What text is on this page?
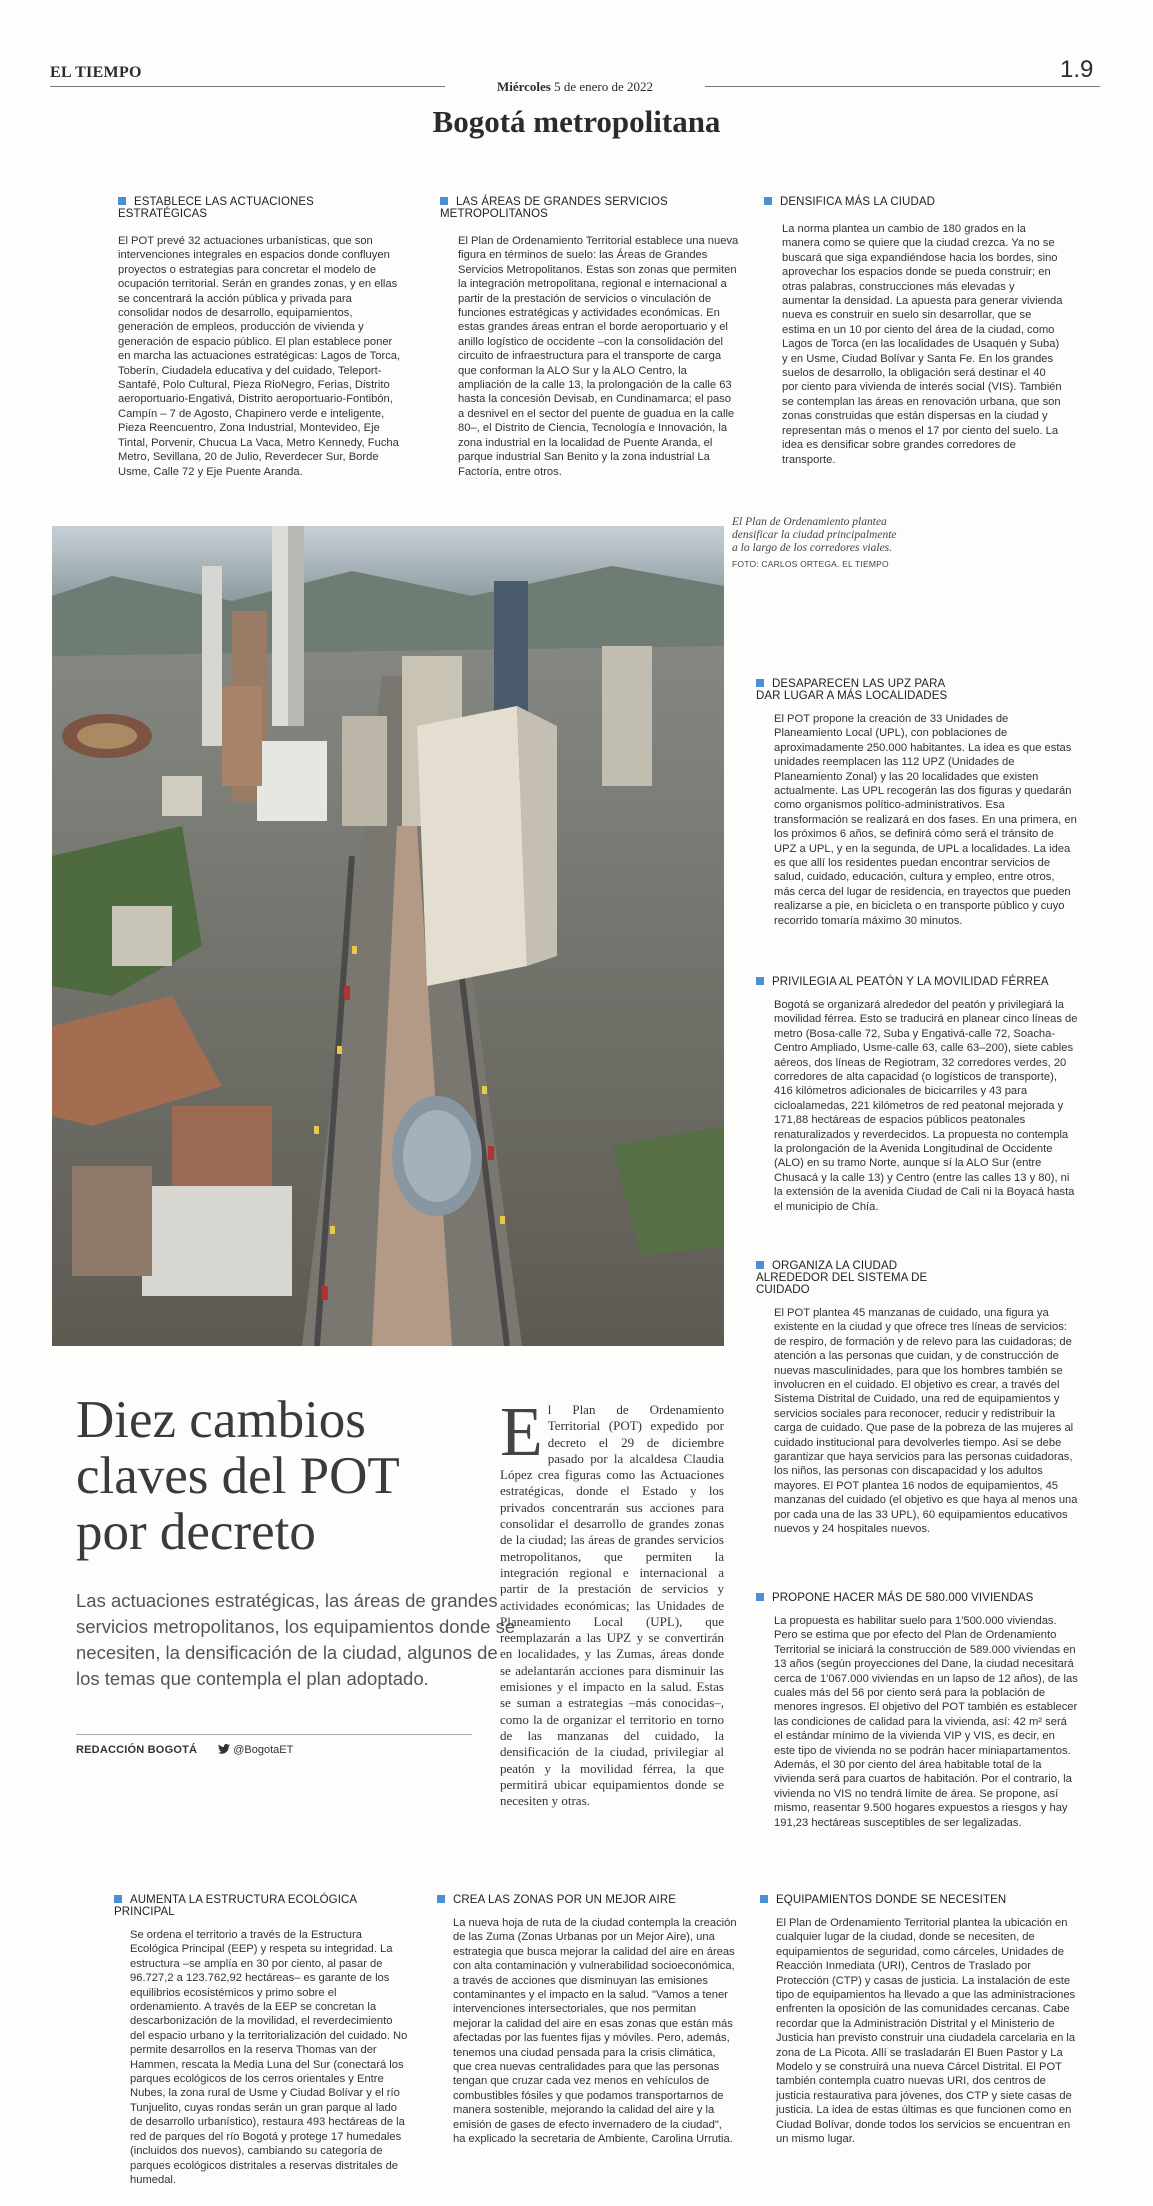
EL TIEMPO
Miércoles 5 de enero de 2022
1.9
Bogotá metropolitana
ESTABLECE LAS ACTUACIONES ESTRATÉGICAS

El POT prevé 32 actuaciones urbanísticas, que son intervenciones integrales en espacios donde confluyen proyectos o estrategias para concretar el modelo de ocupación territorial. Serán en grandes zonas, y en ellas se concentrará la acción pública y privada para consolidar nodos de desarrollo, equipamientos, generación de empleos, producción de vivienda y generación de espacio público. El plan establece poner en marcha las actuaciones estratégicas: Lagos de Torca, Toberín, Ciudadela educativa y del cuidado, Teleport-Santafé, Polo Cultural, Pieza RioNegro, Ferias, Distrito aeroportuario-Engativá, Distrito aeroportuario-Fontibón, Campín – 7 de Agosto, Chapinero verde e inteligente, Pieza Reencuentro, Zona Industrial, Montevideo, Eje Tintal, Porvenir, Chucua La Vaca, Metro Kennedy, Fucha Metro, Sevillana, 20 de Julio, Reverdecer Sur, Borde Usme, Calle 72 y Eje Puente Aranda.

LAS ÁREAS DE GRANDES SERVICIOS METROPOLITANOS

El Plan de Ordenamiento Territorial establece una nueva figura en términos de suelo: las Áreas de Grandes Servicios Metropolitanos. Estas son zonas que permiten la integración metropolitana, regional e internacional a partir de la prestación de servicios o vinculación de funciones estratégicas y actividades económicas. En estas grandes áreas entran el borde aeroportuario y el anillo logístico de occidente –con la consolidación del circuito de infraestructura para el transporte de carga que conforman la ALO Sur y la ALO Centro, la ampliación de la calle 13, la prolongación de la calle 63 hasta la concesión Devisab, en Cundinamarca; el paso a desnivel en el sector del puente de guadua en la calle 80–, el Distrito de Ciencia, Tecnología e Innovación, la zona industrial en la localidad de Puente Aranda, el parque industrial San Benito y la zona industrial La Factoría, entre otros.

DENSIFICA MÁS LA CIUDAD

La norma plantea un cambio de 180 grados en la manera como se quiere que la ciudad crezca. Ya no se buscará que siga expandiéndose hacia los bordes, sino aprovechar los espacios donde se pueda construir; en otras palabras, construcciones más elevadas y aumentar la densidad. La apuesta para generar vivienda nueva es construir en suelo sin desarrollar, que se estima en un 10 por ciento del área de la ciudad, como Lagos de Torca (en las localidades de Usaquén y Suba) y en Usme, Ciudad Bolívar y Santa Fe. En los grandes suelos de desarrollo, la obligación será destinar el 40 por ciento para vivienda de interés social (VIS). También se contemplan las áreas en renovación urbana, que son zonas construidas que están dispersas en la ciudad y representan más o menos el 17 por ciento del suelo. La idea es densificar sobre grandes corredores de transporte.

El Plan de Ordenamiento plantea densificar la ciudad principalmente a lo largo de los corredores viales.
FOTO: CARLOS ORTEGA. EL TIEMPO
DESAPARECEN LAS UPZ PARA DAR LUGAR A MÁS LOCALIDADES

El POT propone la creación de 33 Unidades de Planeamiento Local (UPL), con poblaciones de aproximadamente 250.000 habitantes. La idea es que estas unidades reemplacen las 112 UPZ (Unidades de Planeamiento Zonal) y las 20 localidades que existen actualmente. Las UPL recogerán las dos figuras y quedarán como organismos político-administrativos. Esa transformación se realizará en dos fases. En una primera, en los próximos 6 años, se definirá cómo será el tránsito de UPZ a UPL, y en la segunda, de UPL a localidades. La idea es que allí los residentes puedan encontrar servicios de salud, cuidado, educación, cultura y empleo, entre otros, más cerca del lugar de residencia, en trayectos que pueden realizarse a pie, en bicicleta o en transporte público y cuyo recorrido tomaría máximo 30 minutos.

PRIVILEGIA AL PEATÓN Y LA MOVILIDAD FÉRREA

Bogotá se organizará alrededor del peatón y privilegiará la movilidad férrea. Esto se traducirá en planear cinco líneas de metro (Bosa-calle 72, Suba y Engativá-calle 72, Soacha-Centro Ampliado, Usme-calle 63, calle 63–200), siete cables aéreos, dos líneas de Regiotram, 32 corredores verdes, 20 corredores de alta capacidad (o logísticos de transporte), 416 kilómetros adicionales de bicicarriles y 43 para cicloalamedas, 221 kilómetros de red peatonal mejorada y 171,88 hectáreas de espacios públicos peatonales renaturalizados y reverdecidos. La propuesta no contempla la prolongación de la Avenida Longitudinal de Occidente (ALO) en su tramo Norte, aunque sí la ALO Sur (entre Chusacá y la calle 13) y Centro (entre las calles 13 y 80), ni la extensión de la avenida Ciudad de Cali ni la Boyacá hasta el municipio de Chía.

ORGANIZA LA CIUDAD ALREDEDOR DEL SISTEMA DE CUIDADO

El POT plantea 45 manzanas de cuidado, una figura ya existente en la ciudad y que ofrece tres líneas de servicios: de respiro, de formación y de relevo para las cuidadoras; de atención a las personas que cuidan, y de construcción de nuevas masculinidades, para que los hombres también se involucren en el cuidado. El objetivo es crear, a través del Sistema Distrital de Cuidado, una red de equipamientos y servicios sociales para reconocer, reducir y redistribuir la carga de cuidado. Que pase de la pobreza de las mujeres al cuidado institucional para devolverles tiempo. Así se debe garantizar que haya servicios para las personas cuidadoras, los niños, las personas con discapacidad y los adultos mayores. El POT plantea 16 nodos de equipamientos, 45 manzanas del cuidado (el objetivo es que haya al menos una por cada una de las 33 UPL), 60 equipamientos educativos nuevos y 24 hospitales nuevos.

PROPONE HACER MÁS DE 580.000 VIVIENDAS

La propuesta es habilitar suelo para 1'500.000 viviendas. Pero se estima que por efecto del Plan de Ordenamiento Territorial se iniciará la construcción de 589.000 viviendas en 13 años (según proyecciones del Dane, la ciudad necesitará cerca de 1'067.000 viviendas en un lapso de 12 años), de las cuales más del 56 por ciento será para la población de menores ingresos. El objetivo del POT también es establecer las condiciones de calidad para la vivienda, así: 42 m² será el estándar mínimo de la vivienda VIP y VIS, es decir, en este tipo de vivienda no se podrán hacer miniapartamentos. Además, el 30 por ciento del área habitable total de la vivienda será para cuartos de habitación. Por el contrario, la vivienda no VIS no tendrá límite de área. Se propone, así mismo, reasentar 9.500 hogares expuestos a riesgos y hay 191,23 hectáreas susceptibles de ser legalizadas.

Diez cambios claves del POT por decreto
Las actuaciones estratégicas, las áreas de grandes servicios metropolitanos, los equipamientos donde se necesiten, la densificación de la ciudad, algunos de los temas que contempla el plan adoptado.
REDACCIÓN BOGOTÁ	@BogotaET
El Plan de Ordenamiento Territorial (POT) expedido por decreto el 29 de diciembre pasado por la alcaldesa Claudia López crea figuras como las Actuaciones estratégicas, donde el Estado y los privados concentrarán sus acciones para consolidar el desarrollo de grandes zonas de la ciudad; las áreas de grandes servicios metropolitanos, que permiten la integración regional e internacional a partir de la prestación de servicios y actividades económicas; las Unidades de Planeamiento Local (UPL), que reemplazarán a las UPZ y se convertirán en localidades, y las Zumas, áreas donde se adelantarán acciones para disminuir las emisiones y el impacto en la salud. Estas se suman a estrategias –más conocidas–, como la de organizar el territorio en torno de las manzanas del cuidado, la densificación de la ciudad, privilegiar al peatón y la movilidad férrea, la que permitirá ubicar equipamientos donde se necesiten y otras.
AUMENTA LA ESTRUCTURA ECOLÓGICA PRINCIPAL

Se ordena el territorio a través de la Estructura Ecológica Principal (EEP) y respeta su integridad. La estructura –se amplía en 30 por ciento, al pasar de 96.727,2 a 123.762,92 hectáreas– es garante de los equilibrios ecosistémicos y primo sobre el ordenamiento. A través de la EEP se concretan la descarbonización de la movilidad, el reverdecimiento del espacio urbano y la territorialización del cuidado. No permite desarrollos en la reserva Thomas van der Hammen, rescata la Media Luna del Sur (conectará los parques ecológicos de los cerros orientales y Entre Nubes, la zona rural de Usme y Ciudad Bolívar y el río Tunjuelito, cuyas rondas serán un gran parque al lado de desarrollo urbanístico), restaura 493 hectáreas de la red de parques del río Bogotá y protege 17 humedales (incluidos dos nuevos), cambiando su categoría de parques ecológicos distritales a reservas distritales de humedal.

CREA LAS ZONAS POR UN MEJOR AIRE

La nueva hoja de ruta de la ciudad contempla la creación de las Zuma (Zonas Urbanas por un Mejor Aire), una estrategia que busca mejorar la calidad del aire en áreas con alta contaminación y vulnerabilidad socioeconómica, a través de acciones que disminuyan las emisiones contaminantes y el impacto en la salud. "Vamos a tener intervenciones intersectoriales, que nos permitan mejorar la calidad del aire en esas zonas que están más afectadas por las fuentes fijas y móviles. Pero, además, tenemos una ciudad pensada para la crisis climática, que crea nuevas centralidades para que las personas tengan que cruzar cada vez menos en vehículos de combustibles fósiles y que podamos transportarnos de manera sostenible, mejorando la calidad del aire y la emisión de gases de efecto invernadero de la ciudad", ha explicado la secretaria de Ambiente, Carolina Urrutia.

EQUIPAMIENTOS DONDE SE NECESITEN

El Plan de Ordenamiento Territorial plantea la ubicación en cualquier lugar de la ciudad, donde se necesiten, de equipamientos de seguridad, como cárceles, Unidades de Reacción Inmediata (URI), Centros de Traslado por Protección (CTP) y casas de justicia. La instalación de este tipo de equipamientos ha llevado a que las administraciones enfrenten la oposición de las comunidades cercanas. Cabe recordar que la Administración Distrital y el Ministerio de Justicia han previsto construir una ciudadela carcelaria en la zona de La Picota. Allí se trasladarán El Buen Pastor y La Modelo y se construirá una nueva Cárcel Distrital. El POT también contempla cuatro nuevas URI, dos centros de justicia restaurativa para jóvenes, dos CTP y siete casas de justicia. La idea de estas últimas es que funcionen como en Ciudad Bolívar, donde todos los servicios se encuentran en un mismo lugar.
